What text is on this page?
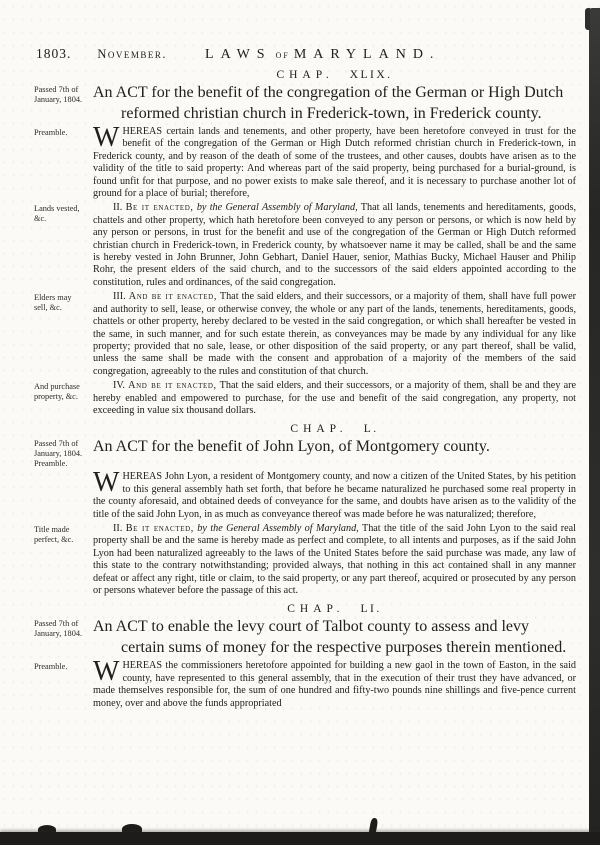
1803. November.	LAWS of MARYLAND.
CHAP. XLIX.
Passed 7th of January, 1804. An ACT for the benefit of the congregation of the German or High Dutch reformed christian church in Frederick-town, in Frederick county.
Preamble. WHEREAS certain lands and tenements, and other property, have been heretofore conveyed in trust for the benefit of the congregation of the German or High Dutch reformed christian church in Frederick-town, in Frederick county, and by reason of the death of some of the trustees, and other causes, doubts have arisen as to the validity of the title to said property: And whereas part of the said property, being purchased for a burial-ground, is found unfit for that purpose, and no power exists to make sale thereof, and it is necessary to purchase another lot of ground for a place of burial; therefore,

Lands vested, &c.

II. Be it enacted, by the General Assembly of Maryland, That all lands, tenements and hereditaments, goods, chattels and other property, which hath heretofore been conveyed to any person or persons, or which is now held by any person or persons, in trust for the benefit and use of the congregation of the German or High Dutch reformed christian church in Frederick-town, in Frederick county, by whatsoever name it may be called, shall be and the same is hereby vested in John Brunner, John Gebhart, Daniel Hauer, senior, Mathias Bucky, Michael Hauser and Philip Rohr, the present elders of the said church, and to the successors of the said elders appointed according to the constitution, rules and ordinances, of the said congregation.

Elders may sell, &c.

III. And be it enacted, That the said elders, and their successors, or a majority of them, shall have full power and authority to sell, lease, or otherwise convey, the whole or any part of the lands, tenements, hereditaments, goods, chattels or other property, hereby declared to be vested in the said congregation, or which shall hereafter be vested in the same, in such manner, and for such estate therein, as conveyances may be made by any individual for any like property; provided that no sale, lease, or other disposition of the said property, or any part thereof, shall be valid, unless the same shall be made with the consent and approbation of a majority of the members of the said congregation, agreeably to the rules and constitution of that church.

And purchase property, &c.

IV. And be it enacted, That the said elders, and their successors, or a majority of them, shall be and they are hereby enabled and empowered to purchase, for the use and benefit of the said congregation, any property, not exceeding in value six thousand dollars.

CHAP. L.
Passed 7th of January, 1804. Preamble.
An ACT for the benefit of John Lyon, of Montgomery county.

WHEREAS John Lyon, a resident of Montgomery county, and now a citizen of the United States, by his petition to this general assembly hath set forth, that before he became naturalized he purchased some real property in the county aforesaid, and obtained deeds of conveyance for the same, and doubts have arisen as to the validity of the title of the said John Lyon, in as much as conveyance thereof was made before he was naturalized; therefore,

Title made perfect, &c.

II. Be it enacted, by the General Assembly of Maryland, That the title of the said John Lyon to the said real property shall be and the same is hereby made as perfect and complete, to all intents and purposes, as if the said John Lyon had been naturalized agreeably to the laws of the United States before the said purchase was made, any law of this state to the contrary notwithstanding; provided always, that nothing in this act contained shall in any manner defeat or affect any right, title or claim, to the said property, or any part thereof, acquired or prosecuted by any person or persons whatever before the passage of this act.

CHAP. LI.
Passed 7th of January, 1804. An ACT to enable the levy court of Talbot county to assess and levy certain sums of money for the respective purposes therein mentioned.
Preamble. WHEREAS the commissioners heretofore appointed for building a new gaol in the town of Easton, in the said county, have represented to this general assembly, that in the execution of their trust they have advanced, or made themselves responsible for, the sum of one hundred and fifty-two pounds nine shillings and five-pence current money, over and above the funds appropriated
